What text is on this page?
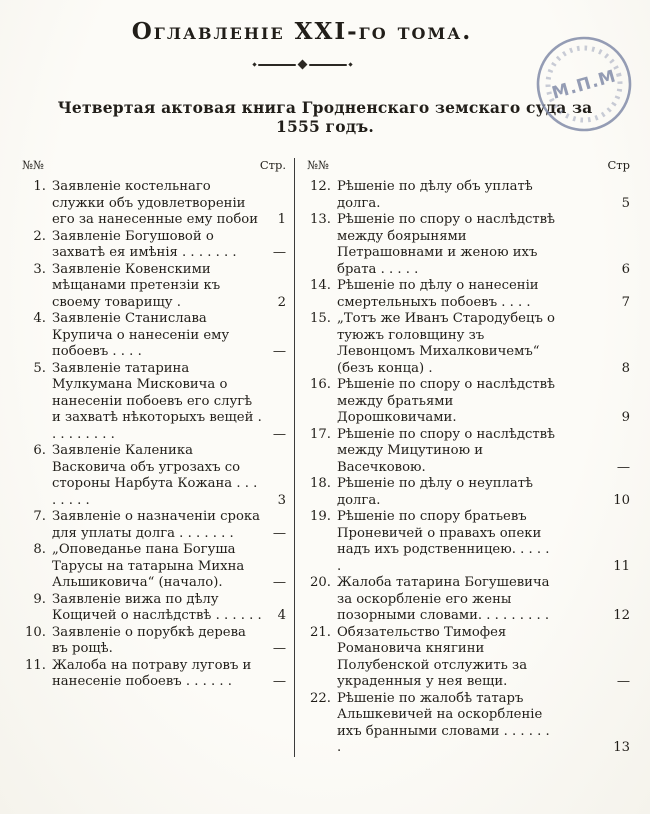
Оглавленіе XXI-го тома.
М.П.М
Четвертая актовая книга Гродненскаго земскаго суда за 1555 годъ.
№№	Стр.
1. Заявленіе костельнаго служки объ удовлетвореніи его за нанесенные ему побои	1
2. Заявленіе Богушовой о захватѣ ея имѣнія . . . . . . .	—
3. Заявленіе Ковенскими мѣщанами претензіи къ своему товарищу .	2
4. Заявленіе Станислава Крупича о нанесеніи ему побоевъ . . . .	—
5. Заявленіе татарина Мулкумана Мисковича о нанесеніи побоевъ его слугѣ и захватѣ нѣкоторыхъ вещей . . . . . . . . .	—
6. Заявленіе Каленика Васковича объ угрозахъ со стороны Нарбута Кожана . . . . . . . .	3
7. Заявленіе о назначеніи срока для уплаты долга . . . . . . .	—
8. „Оповеданье пана Богуша Тарусы на татарына Михна Альшиковича“ (начало).	—
9. Заявленіе вижа по дѣлу Кощичей о наслѣдствѣ . . . . . .	4
10. Заявленіе о порубкѣ дерева въ рощѣ.	—
11. Жалоба на потраву луговъ и нанесеніе побоевъ . . . . . .	—
№№	Стр
12. Рѣшеніе по дѣлу объ уплатѣ долга.	5
13. Рѣшеніе по спору о наслѣдствѣ между боярынями Петрашовнами и женою ихъ брата . . . . .	6
14. Рѣшеніе по дѣлу о нанесеніи смертельныхъ побоевъ . . . .	7
15. „Тотъ же Иванъ Стародубецъ о туюжъ головщину зъ Левонцомъ Михалковичемъ“ (безъ конца) .	8
16. Рѣшеніе по спору о наслѣдствѣ между братьями Дорошковичами.	9
17. Рѣшеніе по спору о наслѣдствѣ между Мицутиною и Васечковою.	—
18. Рѣшеніе по дѣлу о неуплатѣ долга.	10
19. Рѣшеніе по спору братьевъ Проневичей о правахъ опеки надъ ихъ родственницею. . . . . .	11
20. Жалоба татарина Богушевича за оскорбленіе его жены позорными словами. . . . . . . . .	12
21. Обязательство Тимофея Романовича княгини Полубенской отслужить за украденныя у нея вещи.	—
22. Рѣшеніе по жалобѣ татаръ Альшкевичей на оскорбленіе ихъ бранными словами . . . . . . .	13
